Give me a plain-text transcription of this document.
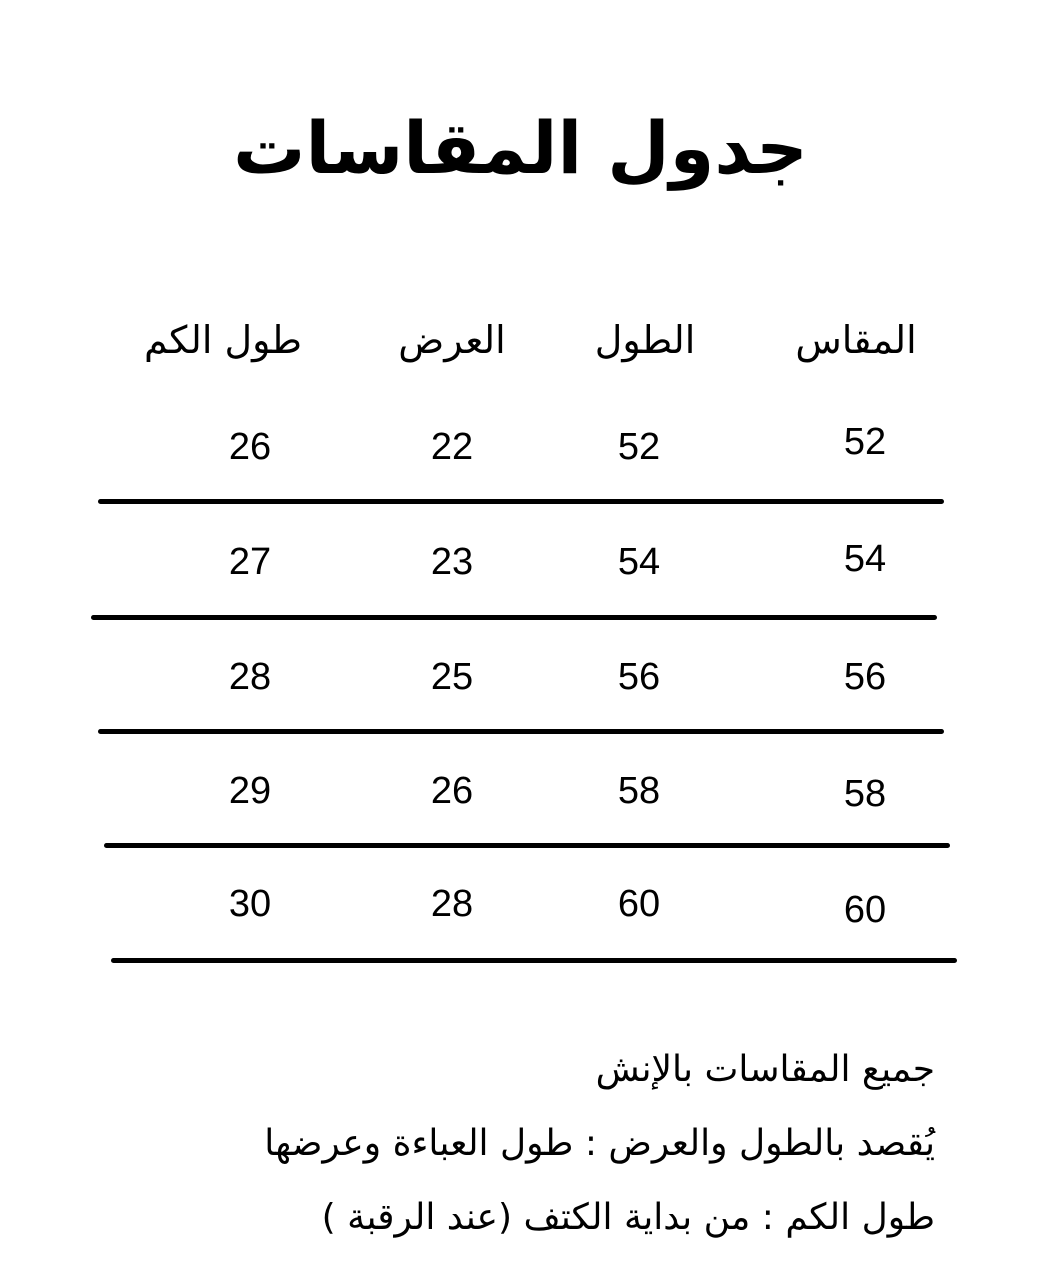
جدول المقاسات
المقاس
الطول
العرض
طول الكم
52
52
22
26
54
54
23
27
56
56
25
28
58
58
26
29
60
60
28
30
جميع المقاسات بالإنش
يُقصد بالطول والعرض : طول العباءة وعرضها
طول الكم : من بداية الكتف (عند الرقبة )
